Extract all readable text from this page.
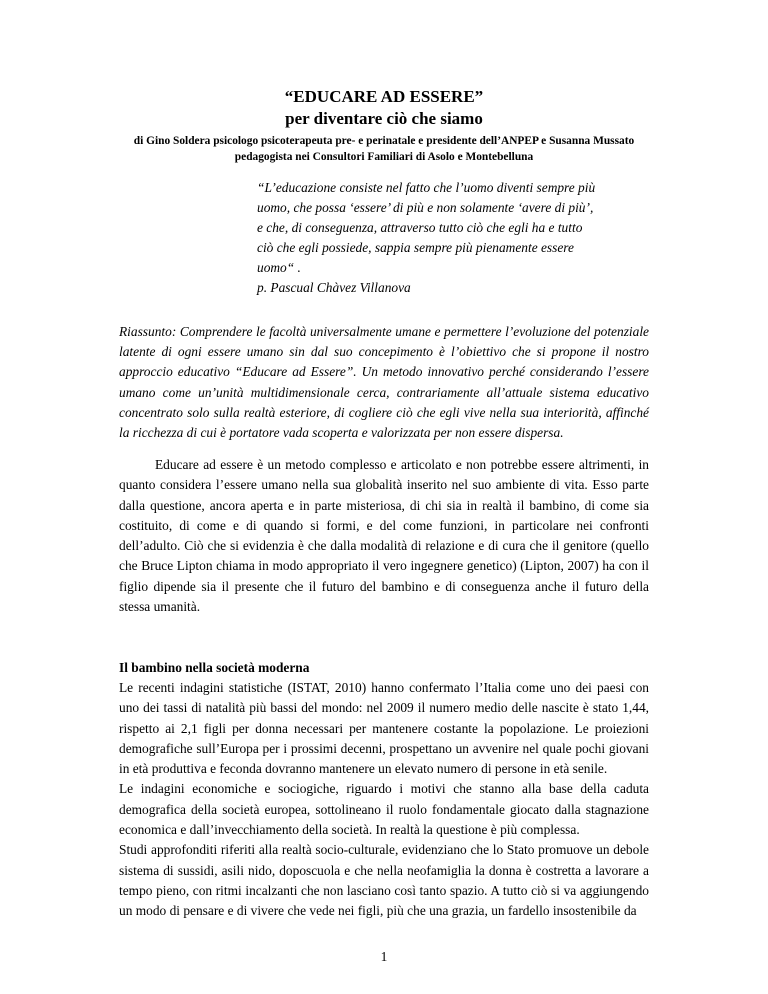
“EDUCARE AD ESSERE”
per diventare ciò che siamo
di Gino Soldera psicologo psicoterapeuta pre- e perinatale e presidente dell’ANPEP e Susanna Mussato pedagogista nei Consultori Familiari di Asolo e Montebelluna
“L’educazione consiste nel fatto che l’uomo diventi sempre più
uomo, che possa ‘essere’ di più e non solamente ‘avere di più’,
e che, di conseguenza, attraverso tutto ciò che egli ha e tutto
ciò che egli possiede, sappia sempre più pienamente essere
uomo“ .
p. Pascual Chàvez Villanova
Riassunto: Comprendere le facoltà universalmente umane e permettere l’evoluzione del potenziale latente di ogni essere umano sin dal suo concepimento è l’obiettivo che si propone il nostro approccio educativo “Educare ad Essere”. Un metodo innovativo perché considerando l’essere umano come un’unità multidimensionale cerca, contrariamente all’attuale sistema educativo concentrato solo sulla realtà esteriore, di cogliere ciò che egli vive nella sua interiorità, affinché la ricchezza di cui è portatore vada scoperta e valorizzata per non essere dispersa.
Educare ad essere è un metodo complesso e articolato e non potrebbe essere altrimenti, in quanto considera l’essere umano nella sua globalità inserito nel suo ambiente di vita. Esso parte dalla questione, ancora aperta e in parte misteriosa, di chi sia in realtà il bambino, di come sia costituito, di come e di quando si formi, e del come funzioni, in particolare nei confronti dell’adulto. Ciò che si evidenzia è che dalla modalità di relazione e di cura che il genitore (quello che Bruce Lipton chiama in modo appropriato il vero ingegnere genetico) (Lipton, 2007) ha con il figlio dipende sia il presente che il futuro del bambino e di conseguenza anche il futuro della stessa umanità.
Il bambino nella società moderna

Le recenti indagini statistiche (ISTAT, 2010) hanno confermato l’Italia come uno dei paesi con uno dei tassi di natalità più bassi del mondo: nel 2009 il numero medio delle nascite è stato 1,44, rispetto ai 2,1 figli per donna necessari per mantenere costante la popolazione. Le proiezioni demografiche sull’Europa per i prossimi decenni, prospettano un avvenire nel quale pochi giovani in età produttiva e feconda dovranno mantenere un elevato numero di persone in età senile.

Le indagini economiche e sociogiche, riguardo i motivi che stanno alla base della caduta demografica della società europea, sottolineano il ruolo fondamentale giocato dalla stagnazione economica e dall’invecchiamento della società. In realtà la questione è più complessa.

Studi approfonditi riferiti alla realtà socio-culturale, evidenziano che lo Stato promuove un debole sistema di sussidi, asili nido, doposcuola e che nella neofamiglia la donna è costretta a lavorare a tempo pieno, con ritmi incalzanti che non lasciano così tanto spazio. A tutto ciò si va aggiungendo un modo di pensare e di vivere che vede nei figli, più che una grazia, un fardello insostenibile da

1
